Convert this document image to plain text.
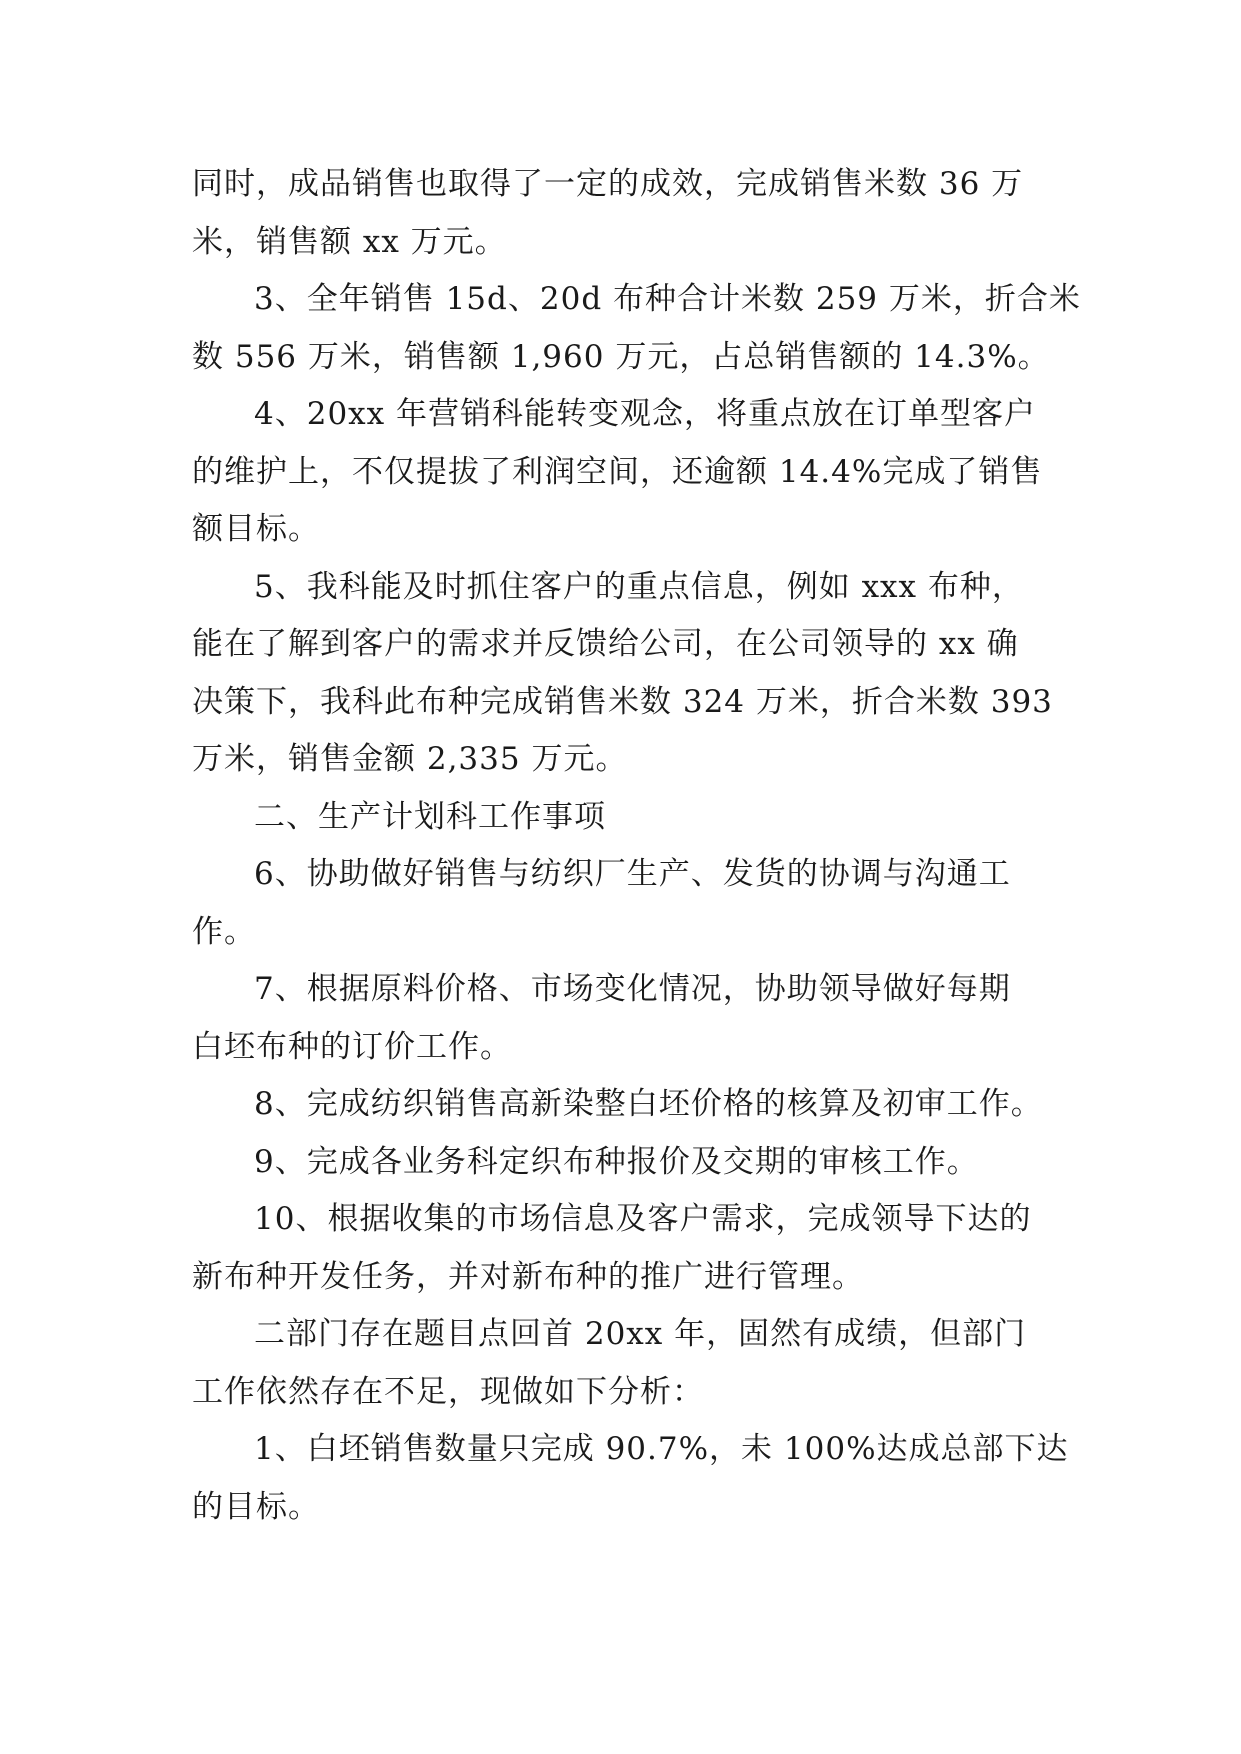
同时，成品销售也取得了一定的成效，完成销售米数 36 万
米，销售额 xx 万元。

3、全年销售 15d、20d 布种合计米数 259 万米，折合米
数 556 万米，销售额 1,960 万元，占总销售额的 14.3%。

4、20xx 年营销科能转变观念，将重点放在订单型客户
的维护上，不仅提拔了利润空间，还逾额 14.4%完成了销售
额目标。

5、我科能及时抓住客户的重点信息，例如 xxx 布种，
能在了解到客户的需求并反馈给公司，在公司领导的 xx 确
决策下，我科此布种完成销售米数 324 万米，折合米数 393
万米，销售金额 2,335 万元。

二、生产计划科工作事项

6、协助做好销售与纺织厂生产、发货的协调与沟通工
作。

7、根据原料价格、市场变化情况，协助领导做好每期
白坯布种的订价工作。

8、完成纺织销售高新染整白坯价格的核算及初审工作。

9、完成各业务科定织布种报价及交期的审核工作。

10、根据收集的市场信息及客户需求，完成领导下达的
新布种开发任务，并对新布种的推广进行管理。

二部门存在题目点回首 20xx 年，固然有成绩，但部门
工作依然存在不足，现做如下分析：

1、白坯销售数量只完成 90.7%，未 100%达成总部下达
的目标。
